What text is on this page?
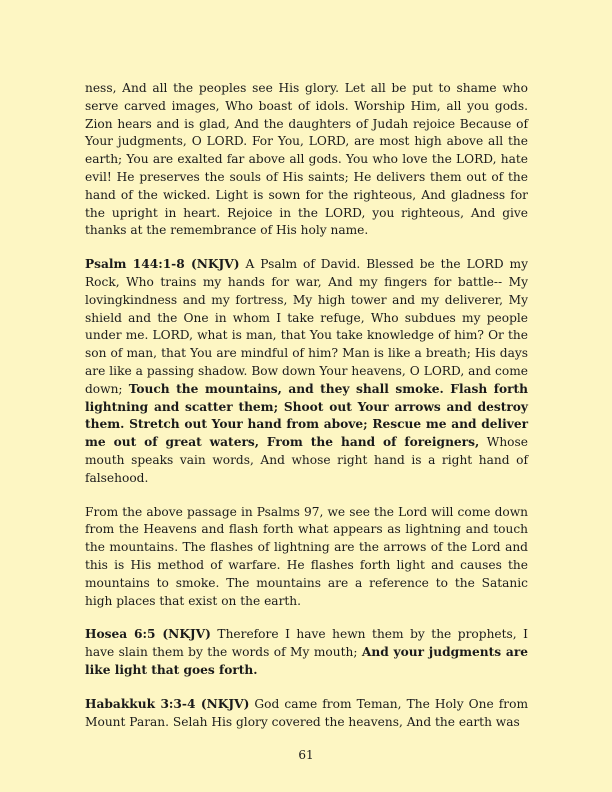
ness, And all the peoples see His glory. Let all be put to shame who serve carved images, Who boast of idols. Worship Him, all you gods. Zion hears and is glad, And the daughters of Judah rejoice Because of Your judgments, O LORD. For You, LORD, are most high above all the earth; You are exalted far above all gods. You who love the LORD, hate evil! He preserves the souls of His saints; He delivers them out of the hand of the wicked. Light is sown for the righteous, And gladness for the upright in heart. Rejoice in the LORD, you righteous, And give thanks at the remembrance of His holy name.

Psalm 144:1-8 (NKJV) A Psalm of David. Blessed be the LORD my Rock, Who trains my hands for war, And my fingers for battle-- My lovingkindness and my fortress, My high tower and my deliverer, My shield and the One in whom I take refuge, Who subdues my people under me. LORD, what is man, that You take knowledge of him? Or the son of man, that You are mindful of him? Man is like a breath; His days are like a passing shadow. Bow down Your heavens, O LORD, and come down; Touch the mountains, and they shall smoke. Flash forth lightning and scatter them; Shoot out Your arrows and destroy them. Stretch out Your hand from above; Rescue me and deliver me out of great waters, From the hand of foreigners, Whose mouth speaks vain words, And whose right hand is a right hand of falsehood.

From the above passage in Psalms 97, we see the Lord will come down from the Heavens and flash forth what appears as lightning and touch the mountains. The flashes of lightning are the arrows of the Lord and this is His method of warfare. He flashes forth light and causes the mountains to smoke. The mountains are a reference to the Satanic high places that exist on the earth.

Hosea 6:5 (NKJV) Therefore I have hewn them by the prophets, I have slain them by the words of My mouth; And your judgments are like light that goes forth.

Habakkuk 3:3-4 (NKJV) God came from Teman, The Holy One from Mount Paran. Selah His glory covered the heavens, And the earth was

61
